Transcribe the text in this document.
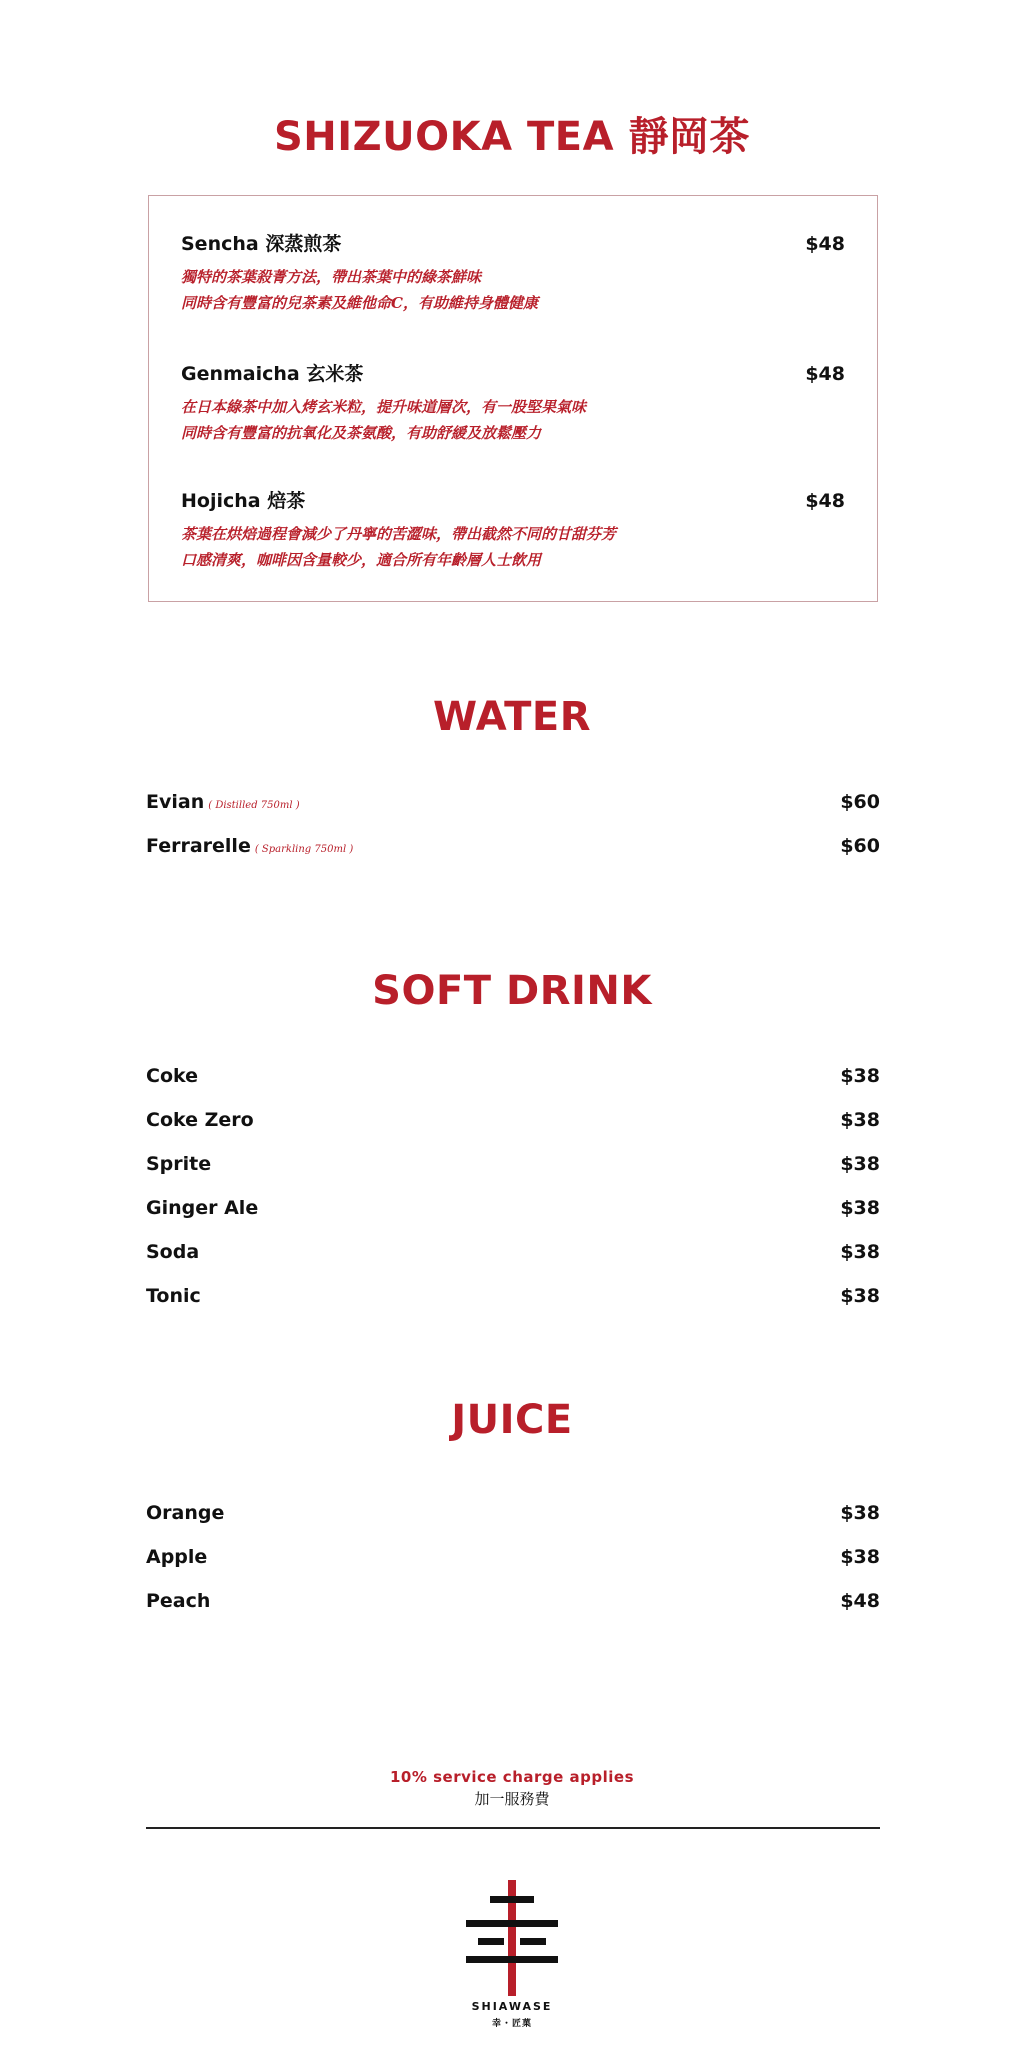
SHIZUOKA TEA 靜岡茶
Sencha 深蒸煎茶	$48
獨特的茶葉殺菁方法，帶出茶葉中的綠茶鮮味
同時含有豐富的兒茶素及維他命C，有助維持身體健康
Genmaicha 玄米茶	$48
在日本綠茶中加入烤玄米粒，提升味道層次，有一股堅果氣味
同時含有豐富的抗氧化及茶氨酸，有助舒緩及放鬆壓力
Hojicha 焙茶	$48
茶葉在烘焙過程會減少了丹寧的苦澀味，帶出截然不同的甘甜芬芳
口感清爽，咖啡因含量較少，適合所有年齡層人士飲用
WATER
Evian ( Distilled 750ml )	$60
Ferrarelle ( Sparkling 750ml )	$60
SOFT DRINK
Coke	$38
Coke Zero	$38
Sprite	$38
Ginger Ale	$38
Soda	$38
Tonic	$38
JUICE
Orange	$38
Apple	$38
Peach	$48
10% service charge applies
加一服務費
SHIAWASE
幸・匠菓
